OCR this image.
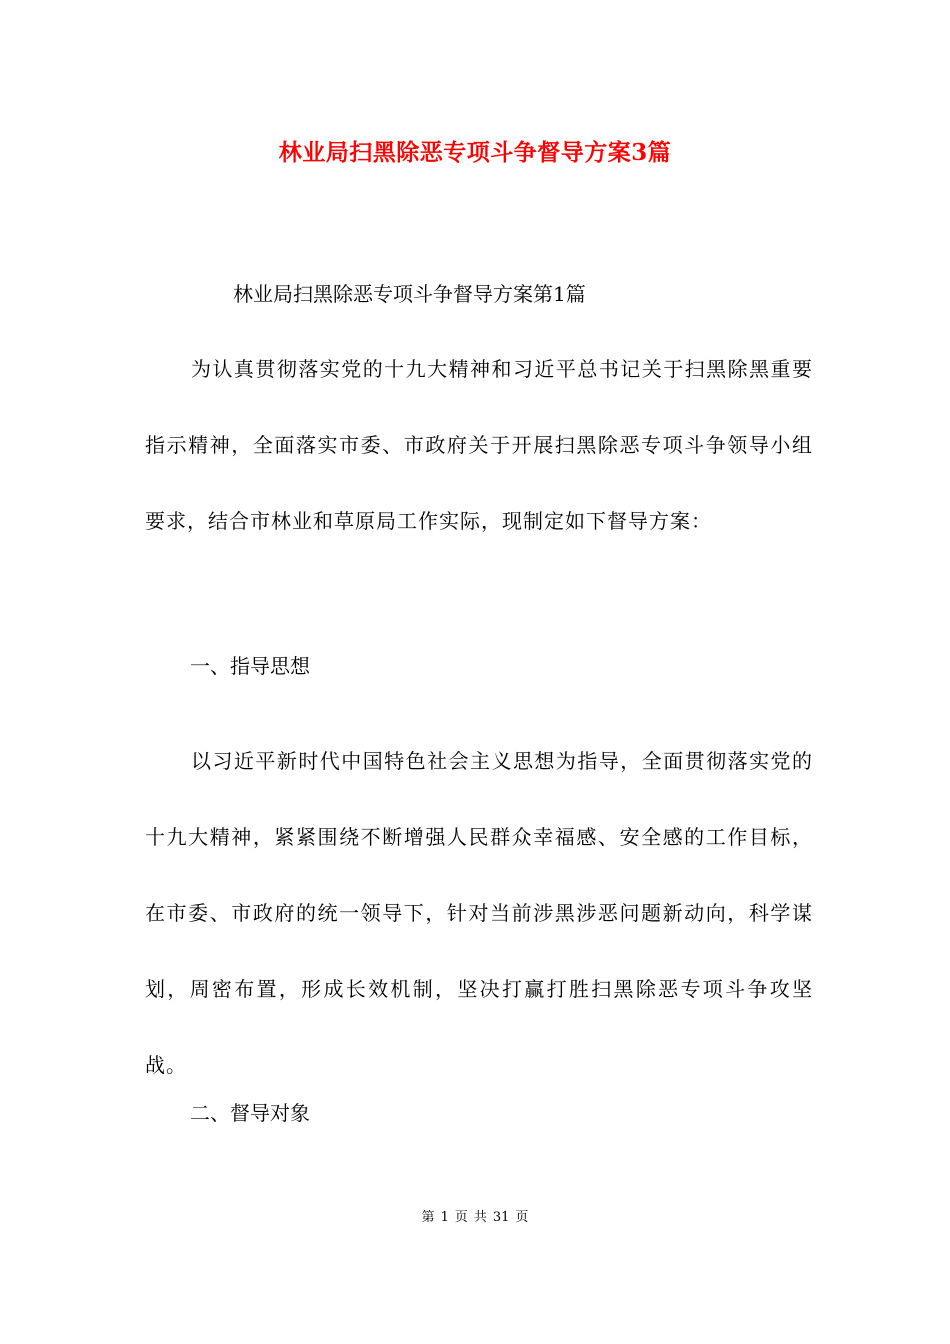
林业局扫黑除恶专项斗争督导方案3篇
林业局扫黑除恶专项斗争督导方案第1篇

为认真贯彻落实党的十九大精神和习近平总书记关于扫黑除黑重要指示精神，全面落实市委、市政府关于开展扫黑除恶专项斗争领导小组要求，结合市林业和草原局工作实际，现制定如下督导方案：

一、指导思想

以习近平新时代中国特色社会主义思想为指导，全面贯彻落实党的十九大精神，紧紧围绕不断增强人民群众幸福感、安全感的工作目标，在市委、市政府的统一领导下，针对当前涉黑涉恶问题新动向，科学谋划，周密布置，形成长效机制，坚决打赢打胜扫黑除恶专项斗争攻坚战。

二、督导对象
第 1 页 共 31 页
